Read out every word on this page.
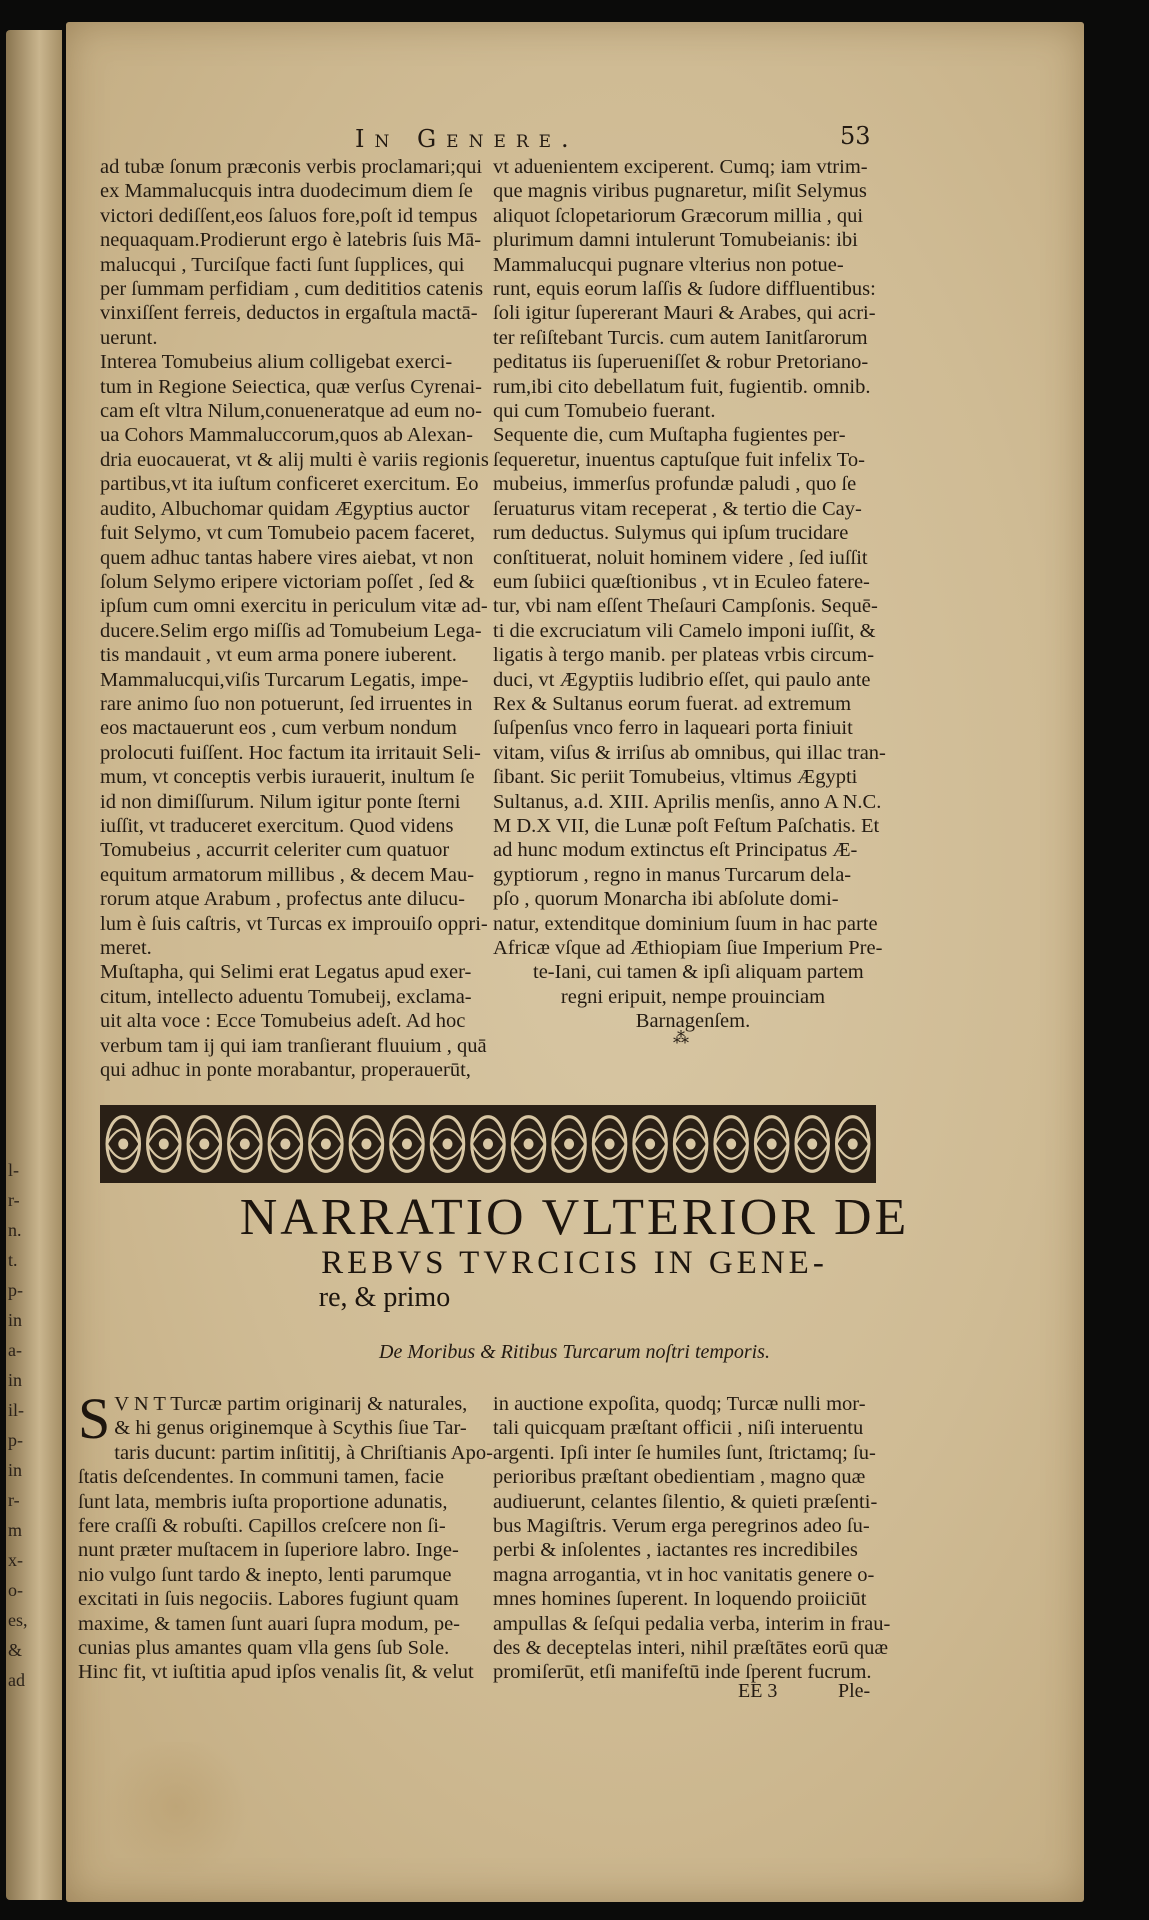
l-
r-
n.
t.
p-
in
a-
in
il-
p-
in
r-
m
x-
o-
es,
&
ad
In Genere.	53

ad tubæ ſonum præconis verbis proclamari;qui

ex Mammalucquis intra duodecimum diem ſe

victori dediſſent,eos ſaluos fore,poſt id tempus

nequaquam.Prodierunt ergo è latebris ſuis Mā-

malucqui , Turciſque facti ſunt ſupplices, qui

per ſummam perfidiam , cum dedititios catenis

vinxiſſent ferreis, deductos in ergaſtula mactā-

uerunt.

Interea Tomubeius alium colligebat exerci-

tum in Regione Seiectica, quæ verſus Cyrenai-

cam eſt vltra Nilum,conueneratque ad eum no-

ua Cohors Mammaluccorum,quos ab Alexan-

dria euocauerat, vt & alij multi è variis regionis

partibus,vt ita iuſtum conficeret exercitum. Eo

audito, Albuchomar quidam Ægyptius auctor

fuit Selymo, vt cum Tomubeio pacem faceret,

quem adhuc tantas habere vires aiebat, vt non

ſolum Selymo eripere victoriam poſſet , ſed &

ipſum cum omni exercitu in periculum vitæ ad-

ducere.Selim ergo miſſis ad Tomubeium Lega-

tis mandauit , vt eum arma ponere iuberent.

Mammalucqui,viſis Turcarum Legatis, impe-

rare animo ſuo non potuerunt, ſed irruentes in

eos mactauerunt eos , cum verbum nondum

prolocuti fuiſſent. Hoc factum ita irritauit Seli-

mum, vt conceptis verbis iurauerit, inultum ſe

id non dimiſſurum. Nilum igitur ponte ſterni

iuſſit, vt traduceret exercitum. Quod videns

Tomubeius , accurrit celeriter cum quatuor

equitum armatorum millibus , & decem Mau-

rorum atque Arabum , profectus ante dilucu-

lum è ſuis caſtris, vt Turcas ex improuiſo oppri-

meret.

Muſtapha, qui Selimi erat Legatus apud exer-

citum, intellecto aduentu Tomubeij, exclama-

uit alta voce : Ecce Tomubeius adeſt. Ad hoc

verbum tam ij qui iam tranſierant fluuium , quā

qui adhuc in ponte morabantur, properauerūt,

vt aduenientem exciperent. Cumq; iam vtrim-

que magnis viribus pugnaretur, miſit Selymus

aliquot ſclopetariorum Græcorum millia , qui

plurimum damni intulerunt Tomubeianis: ibi

Mammalucqui pugnare vlterius non potue-

runt, equis eorum laſſis & ſudore diffluentibus:

ſoli igitur ſupererant Mauri & Arabes, qui acri-

ter reſiſtebant Turcis. cum autem Ianitſarorum

peditatus iis ſuperueniſſet & robur Pretoriano-

rum,ibi cito debellatum fuit, fugientib. omnib.

qui cum Tomubeio fuerant.

Sequente die, cum Muſtapha fugientes per-

ſequeretur, inuentus captuſque fuit infelix To-

mubeius, immerſus profundæ paludi , quo ſe

ſeruaturus vitam receperat , & tertio die Cay-

rum deductus. Sulymus qui ipſum trucidare

conſtituerat, noluit hominem videre , ſed iuſſit

eum ſubiici quæſtionibus , vt in Eculeo fatere-

tur, vbi nam eſſent Theſauri Campſonis. Sequē-

ti die excruciatum vili Camelo imponi iuſſit, &

ligatis à tergo manib. per plateas vrbis circum-

duci, vt Ægyptiis ludibrio eſſet, qui paulo ante

Rex & Sultanus eorum fuerat. ad extremum

ſuſpenſus vnco ferro in laqueari porta finiuit

vitam, viſus & irriſus ab omnibus, qui illac tran-

ſibant. Sic periit Tomubeius, vltimus Ægypti

Sultanus, a.d. XIII. Aprilis menſis, anno A N.C.

M D.X VII, die Lunæ poſt Feſtum Paſchatis. Et

ad hunc modum extinctus eſt Principatus Æ-

gyptiorum , regno in manus Turcarum dela-

pſo , quorum Monarcha ibi abſolute domi-

natur, extenditque dominium ſuum in hac parte

Africæ vſque ad Æthiopiam ſiue Imperium Pre-

te-Iani, cui tamen & ipſi aliquam partem

regni eripuit, nempe prouinciam

Barnagenſem.

⁂
NARRATIO VLTERIOR DE
REBVS TVRCICIS IN GENE-
re, & primo
De Moribus & Ritibus Turcarum noſtri temporis.
S V N T Turcæ partim originarij & naturales,

& hi genus originemque à Scythis ſiue Tar-

taris ducunt: partim inſititij, à Chriſtianis Apo-

ſtatis deſcendentes. In communi tamen, facie

ſunt lata, membris iuſta proportione adunatis,

fere craſſi & robuſti. Capillos creſcere non ſi-

nunt præter muſtacem in ſuperiore labro. Inge-

nio vulgo ſunt tardo & inepto, lenti parumque

excitati in ſuis negociis. Labores fugiunt quam

maxime, & tamen ſunt auari ſupra modum, pe-

cunias plus amantes quam vlla gens ſub Sole.

Hinc fit, vt iuſtitia apud ipſos venalis ſit, & velut

in auctione expoſita, quodq; Turcæ nulli mor-

tali quicquam præſtant officii , niſi interuentu

argenti. Ipſi inter ſe humiles ſunt, ſtrictamq; ſu-

perioribus præſtant obedientiam , magno quæ

audiuerunt, celantes ſilentio, & quieti præſenti-

bus Magiſtris. Verum erga peregrinos adeo ſu-

perbi & inſolentes , iactantes res incredibiles

magna arrogantia, vt in hoc vanitatis genere o-

mnes homines ſuperent. In loquendo proiiciūt

ampullas & ſeſqui pedalia verba, interim in frau-

des & deceptelas interi, nihil præſtātes eorū quæ

promiſerūt, etſi manifeſtū inde ſperent fucrum.

EE 3	Ple-
